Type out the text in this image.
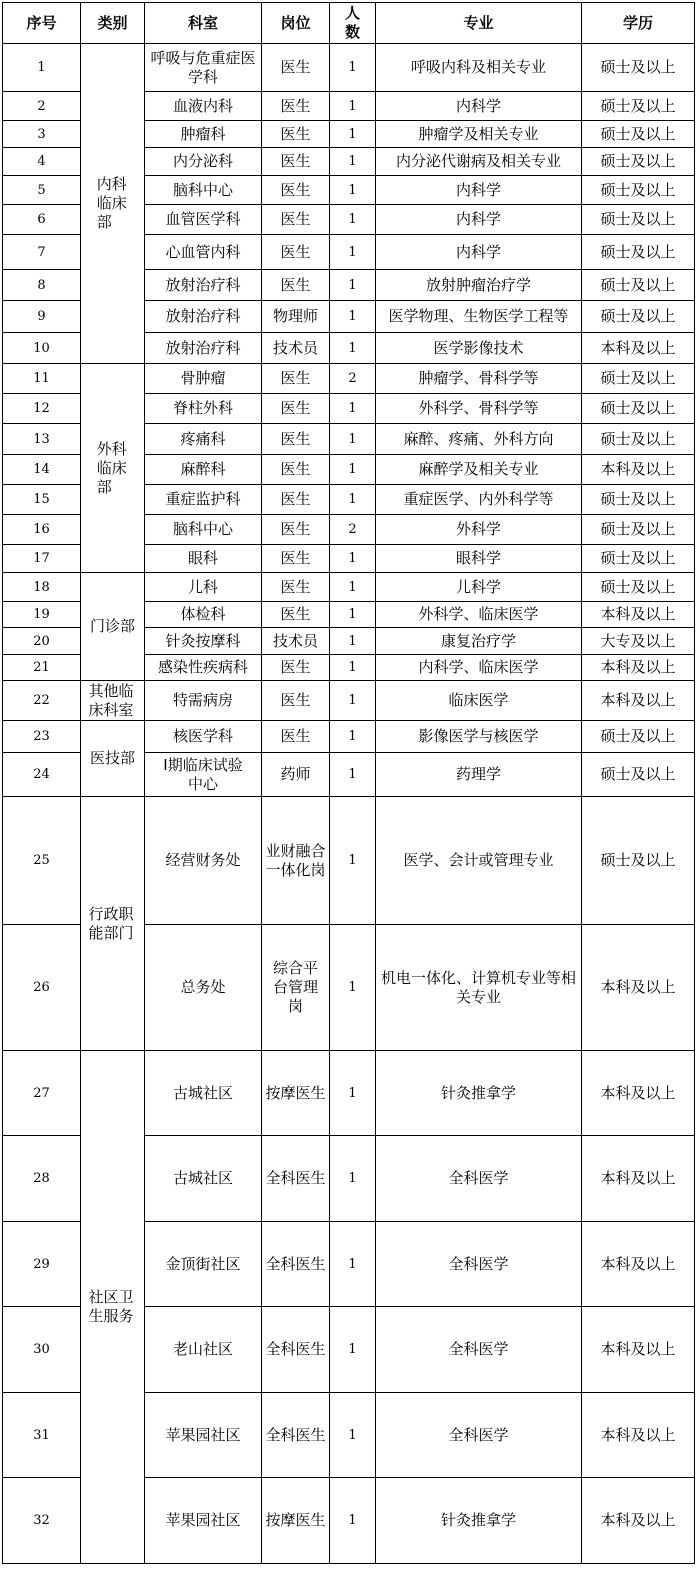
序号	类别	科室	岗位	人数	专业	学历
1	内科临床部	呼吸与危重症医学科	医生	1	呼吸内科及相关专业	硕士及以上
2		血液内科	医生	1	内科学	硕士及以上
3		肿瘤科	医生	1	肿瘤学及相关专业	硕士及以上
4		内分泌科	医生	1	内分泌代谢病及相关专业	硕士及以上
5		脑科中心	医生	1	内科学	硕士及以上
6		血管医学科	医生	1	内科学	硕士及以上
7		心血管内科	医生	1	内科学	硕士及以上
8		放射治疗科	医生	1	放射肿瘤治疗学	硕士及以上
9		放射治疗科	物理师	1	医学物理、生物医学工程等	硕士及以上
10		放射治疗科	技术员	1	医学影像技术	本科及以上
11	外科临床部	骨肿瘤	医生	2	肿瘤学、骨科学等	硕士及以上
12		脊柱外科	医生	1	外科学、骨科学等	硕士及以上
13		疼痛科	医生	1	麻醉、疼痛、外科方向	硕士及以上
14		麻醉科	医生	1	麻醉学及相关专业	本科及以上
15		重症监护科	医生	1	重症医学、内外科学等	硕士及以上
16		脑科中心	医生	2	外科学	硕士及以上
17		眼科	医生	1	眼科学	硕士及以上
18	门诊部	儿科	医生	1	儿科学	硕士及以上
19		体检科	医生	1	外科学、临床医学	本科及以上
20		针灸按摩科	技术员	1	康复治疗学	大专及以上
21		感染性疾病科	医生	1	内科学、临床医学	本科及以上
22	其他临床科室	特需病房	医生	1	临床医学	本科及以上
23	医技部	核医学科	医生	1	影像医学与核医学	硕士及以上
24		I期临床试验中心	药师	1	药理学	硕士及以上
25	行政职能部门	经营财务处	业财融合一体化岗	1	医学、会计或管理专业	硕士及以上
26		总务处	综合平台管理岗	1	机电一体化、计算机专业等相关专业	本科及以上
27	社区卫生服务	古城社区	按摩医生	1	针灸推拿学	本科及以上
28		古城社区	全科医生	1	全科医学	本科及以上
29		金顶街社区	全科医生	1	全科医学	本科及以上
30		老山社区	全科医生	1	全科医学	本科及以上
31		苹果园社区	全科医生	1	全科医学	本科及以上
32		苹果园社区	按摩医生	1	针灸推拿学	本科及以上
